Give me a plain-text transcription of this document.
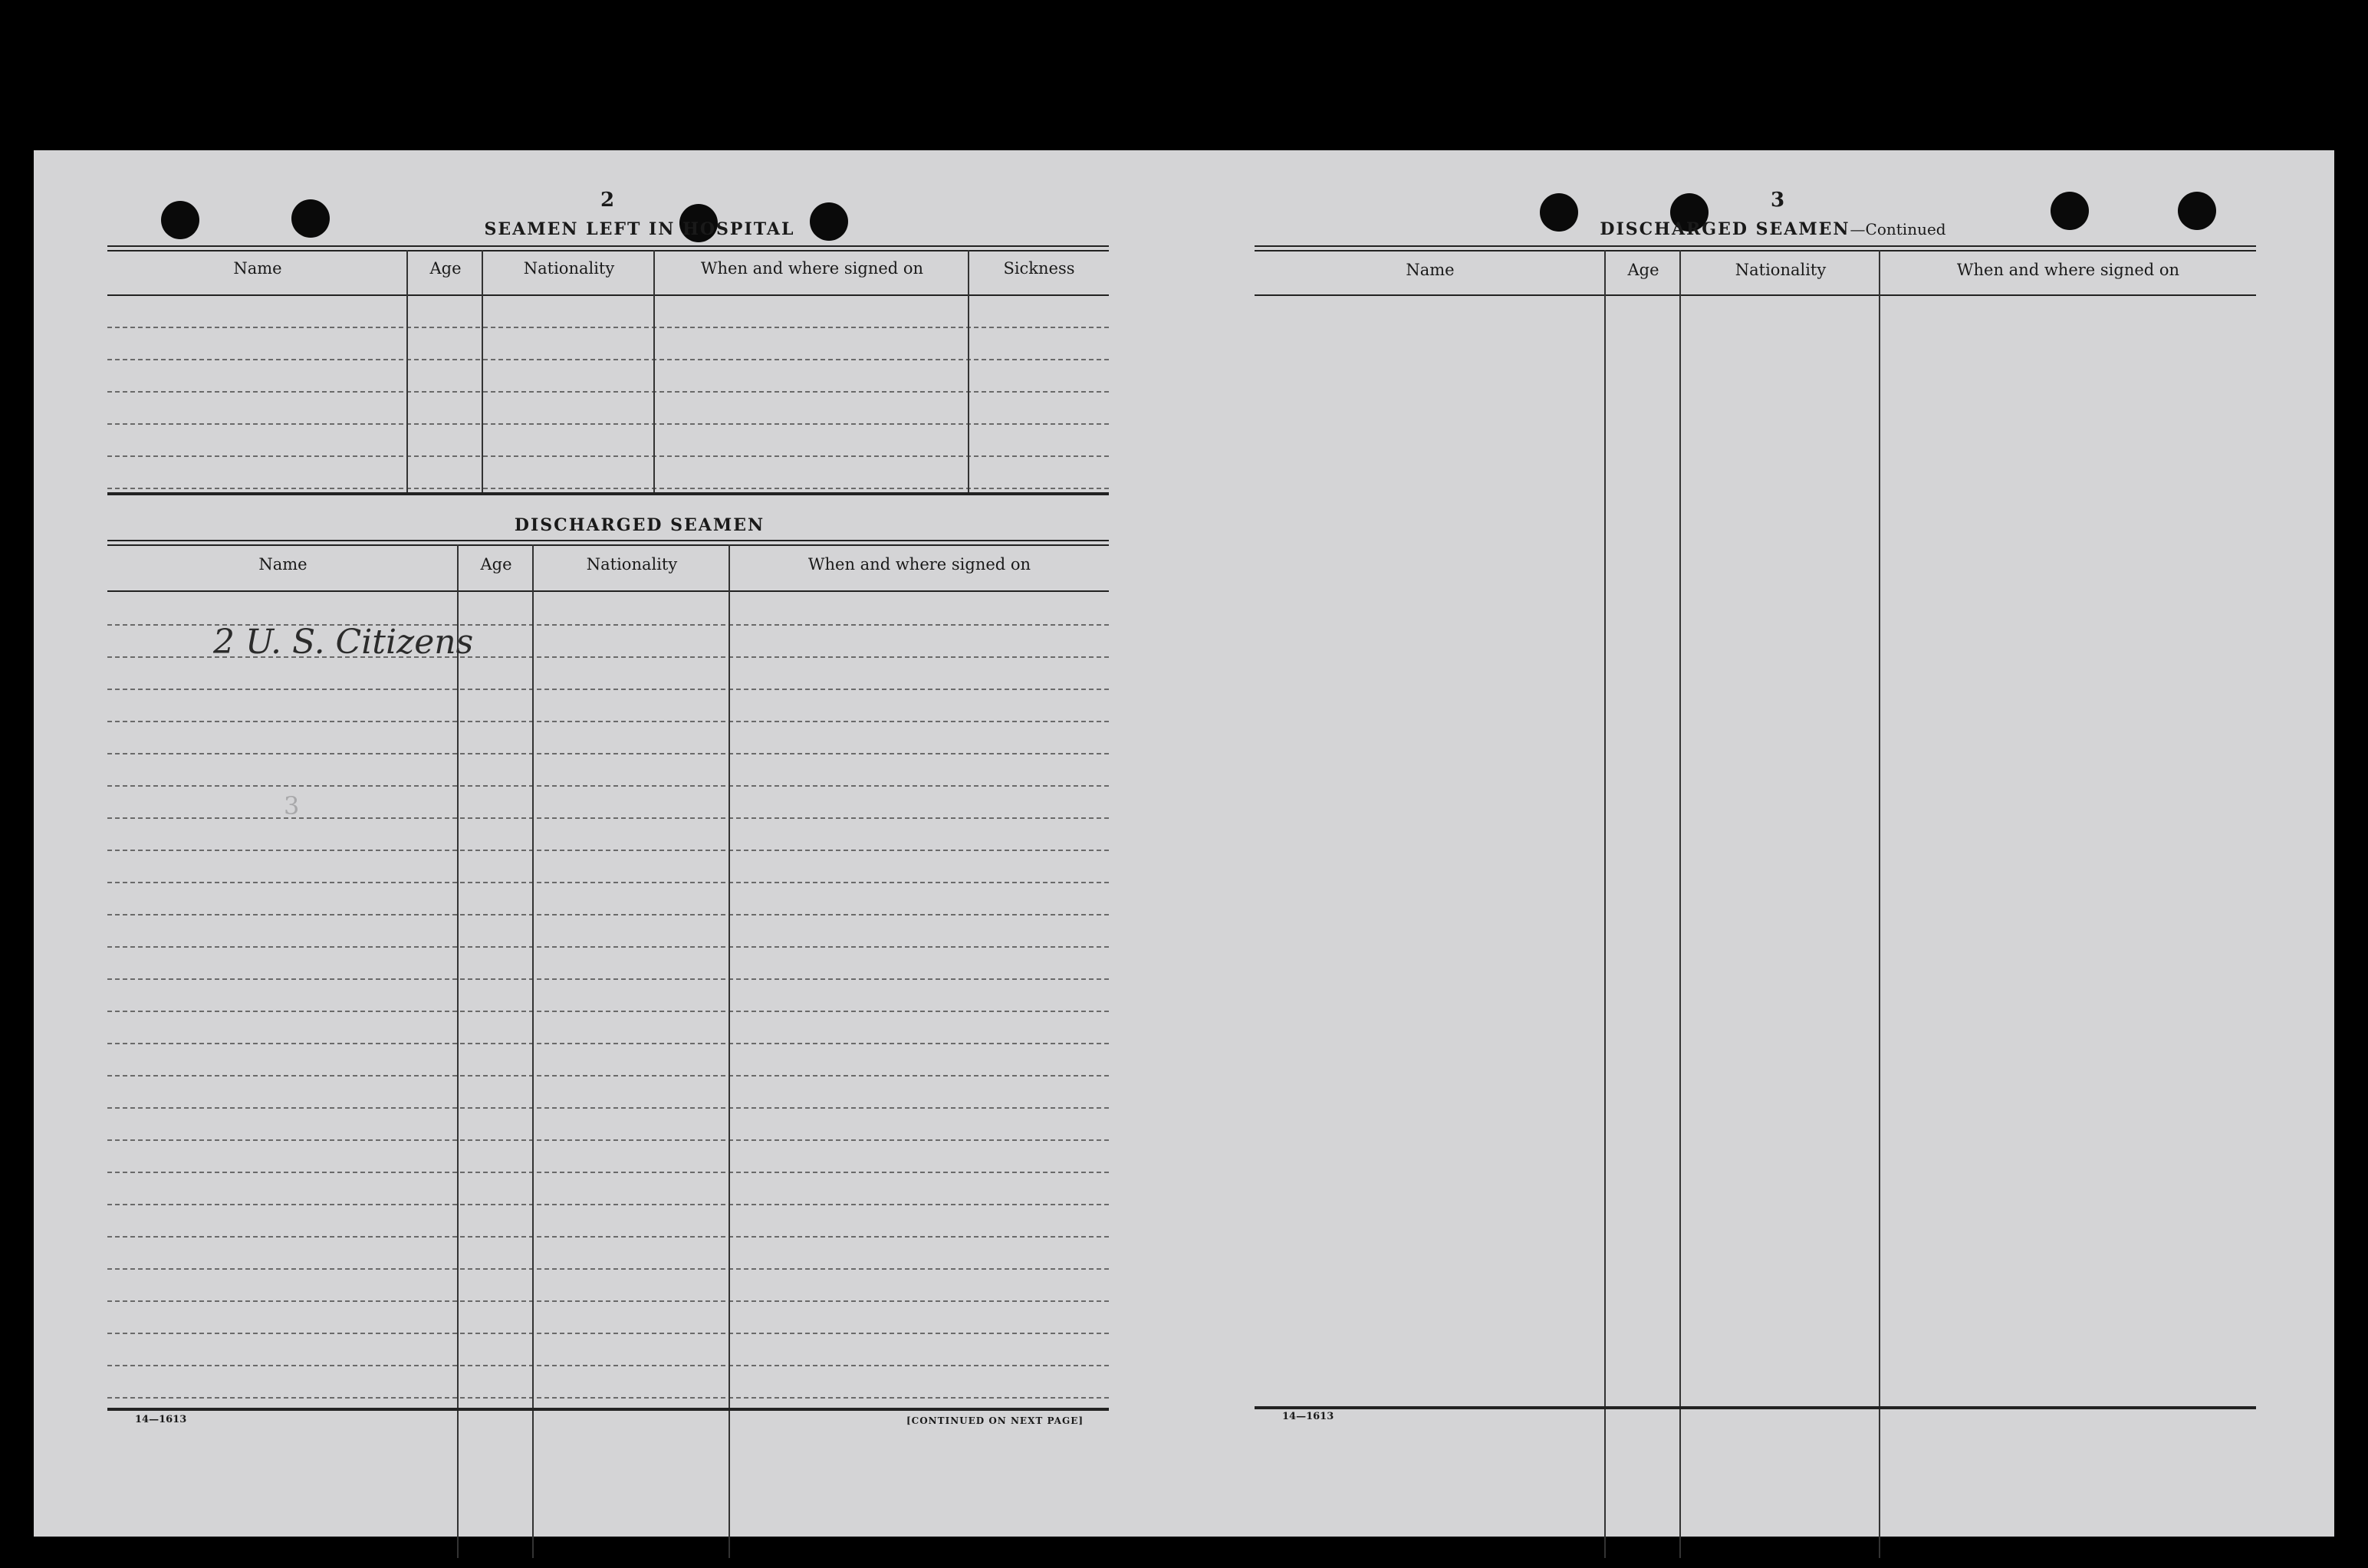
2
SEAMEN LEFT IN HOSPITAL
Name	Age	Nationality	When and where signed on	Sickness
DISCHARGED SEAMEN
Name	Age	Nationality	When and where signed on
2 U. S. Citizens
3
14—1613	[CONTINUED ON NEXT PAGE]
3
DISCHARGED SEAMEN—Continued
Name	Age	Nationality	When and where signed on
14—1613
